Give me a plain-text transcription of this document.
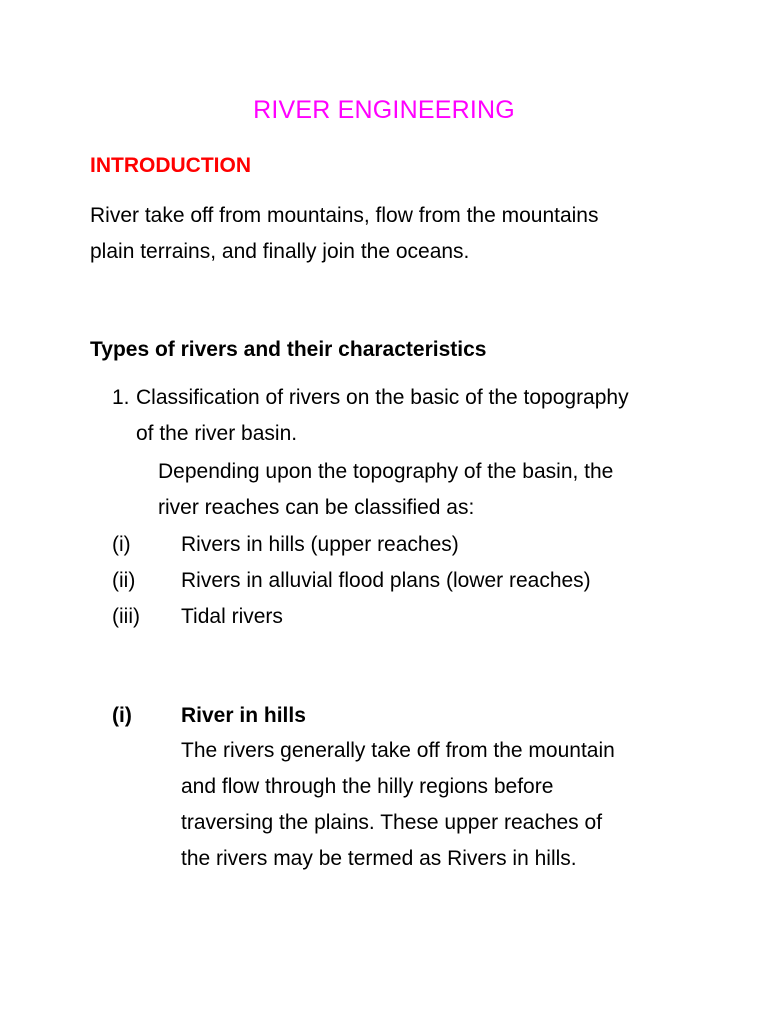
RIVER ENGINEERING
INTRODUCTION
River take off from mountains, flow from the mountains
plain terrains, and finally join the oceans.
Types of rivers and their characteristics
1. Classification of rivers on the basic of the topography
of the river basin.
Depending upon the topography of the basin, the
river reaches can be classified as:
(i) Rivers in hills (upper reaches)
(ii) Rivers in alluvial flood plans (lower reaches)
(iii) Tidal rivers
(i) River in hills
The rivers generally take off from the mountain
and flow through the hilly regions before
traversing the plains. These upper reaches of
the rivers may be termed as Rivers in hills.
